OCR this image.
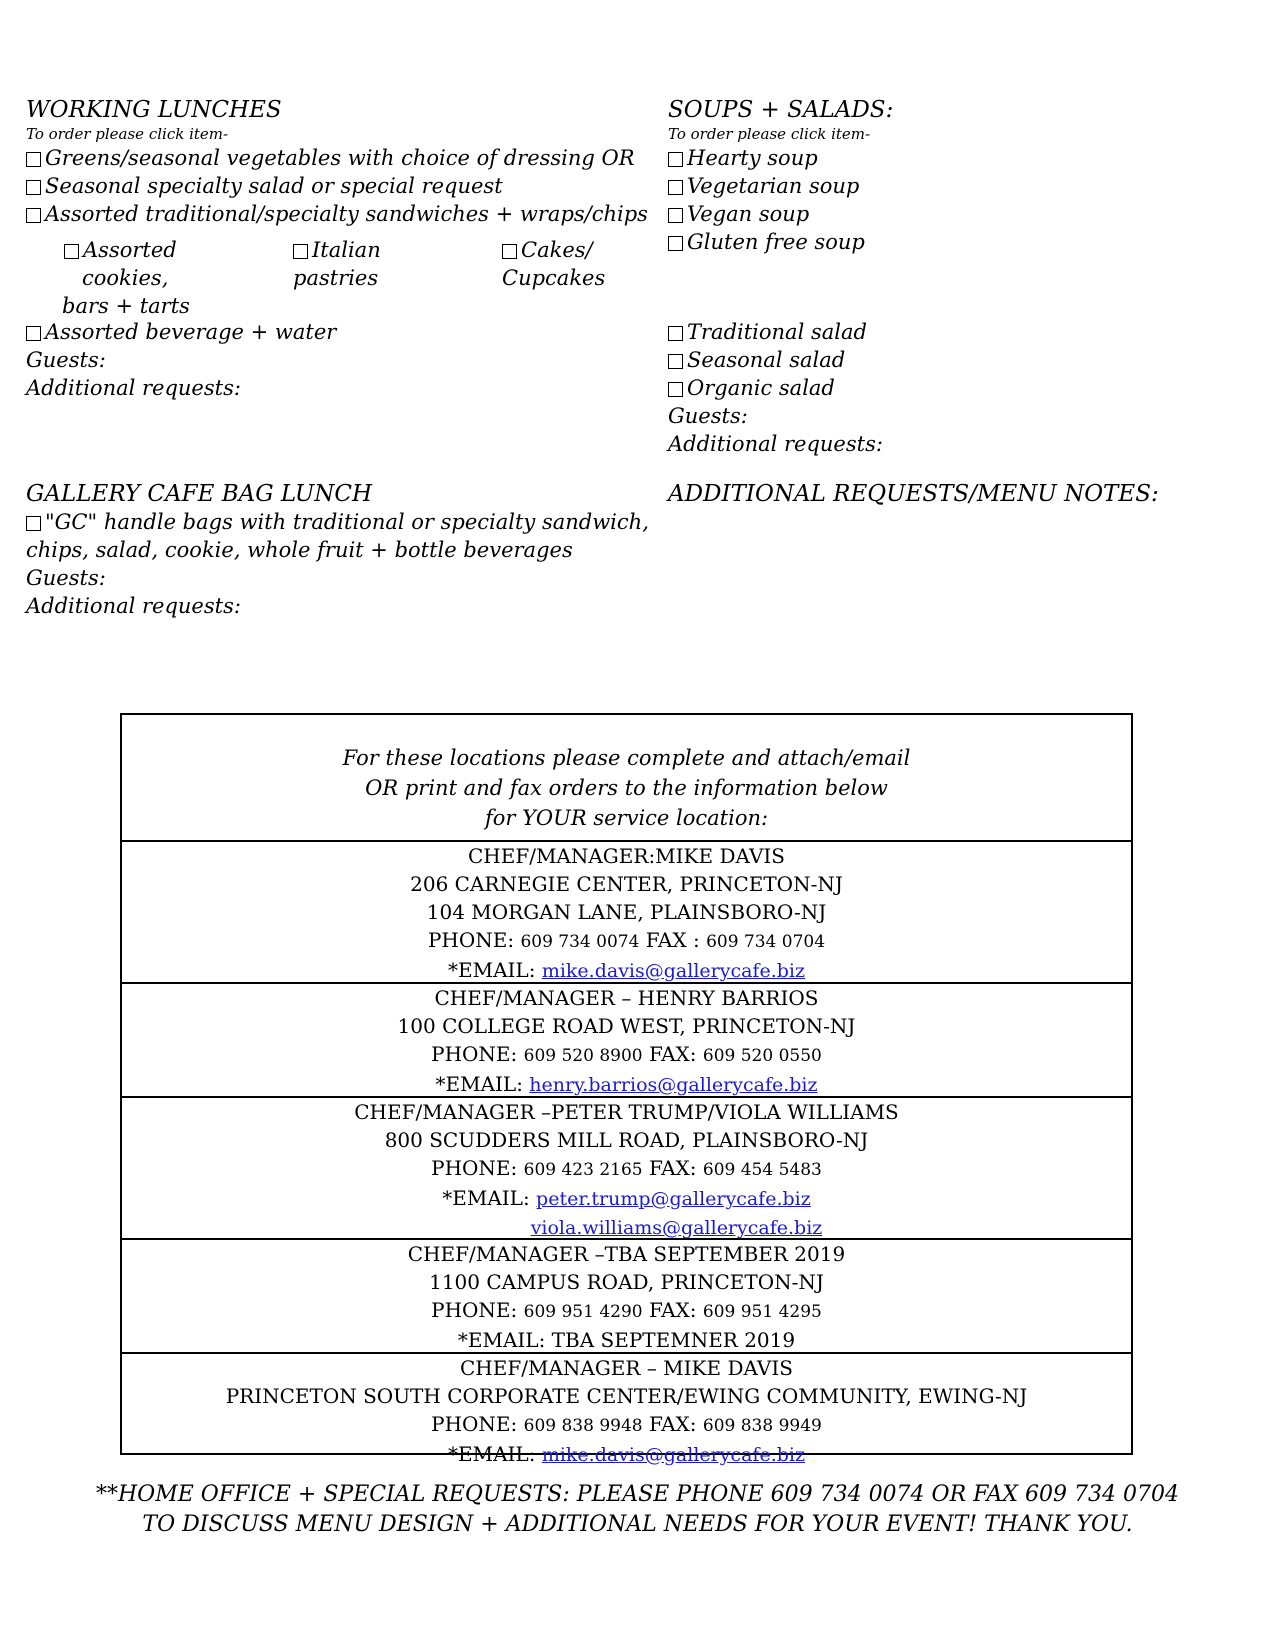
WORKING LUNCHES
To order please click item-
Greens/seasonal vegetables with choice of dressing OR
Seasonal specialty salad or special request
Assorted traditional/specialty sandwiches + wraps/chips
Assorted
cookies,
bars + tarts
Italian
pastries
Cakes/
Cupcakes
Assorted beverage + water
Guests:
Additional requests:
SOUPS + SALADS:
To order please click item-
Hearty soup
Vegetarian soup
Vegan soup
Gluten free soup
Traditional salad
Seasonal salad
Organic salad
Guests:
Additional requests:
GALLERY CAFE BAG LUNCH
"GC" handle bags with traditional or specialty sandwich,
chips, salad, cookie, whole fruit + bottle beverages
Guests:
Additional requests:
ADDITIONAL REQUESTS/MENU NOTES:
For these locations please complete and attach/email
OR print and fax orders to the information below
for YOUR service location:
CHEF/MANAGER:MIKE DAVIS
206 CARNEGIE CENTER, PRINCETON-NJ
104 MORGAN LANE, PLAINSBORO-NJ
PHONE: 609 734 0074 FAX : 609 734 0704
*EMAIL: mike.davis@gallerycafe.biz
CHEF/MANAGER – HENRY BARRIOS
100 COLLEGE ROAD WEST, PRINCETON-NJ
PHONE: 609 520 8900 FAX: 609 520 0550
*EMAIL: henry.barrios@gallerycafe.biz
CHEF/MANAGER –PETER TRUMP/VIOLA WILLIAMS
800 SCUDDERS MILL ROAD, PLAINSBORO-NJ
PHONE: 609 423 2165 FAX: 609 454 5483
*EMAIL: peter.trump@gallerycafe.biz
viola.williams@gallerycafe.biz
CHEF/MANAGER –TBA SEPTEMBER 2019
1100 CAMPUS ROAD, PRINCETON-NJ
PHONE: 609 951 4290 FAX: 609 951 4295
*EMAIL: TBA SEPTEMNER 2019
CHEF/MANAGER – MIKE DAVIS
PRINCETON SOUTH CORPORATE CENTER/EWING COMMUNITY, EWING-NJ
PHONE: 609 838 9948 FAX: 609 838 9949
*EMAIL: mike.davis@gallerycafe.biz
**HOME OFFICE + SPECIAL REQUESTS: PLEASE PHONE 609 734 0074 OR FAX 609 734 0704
TO DISCUSS MENU DESIGN + ADDITIONAL NEEDS FOR YOUR EVENT! THANK YOU.
